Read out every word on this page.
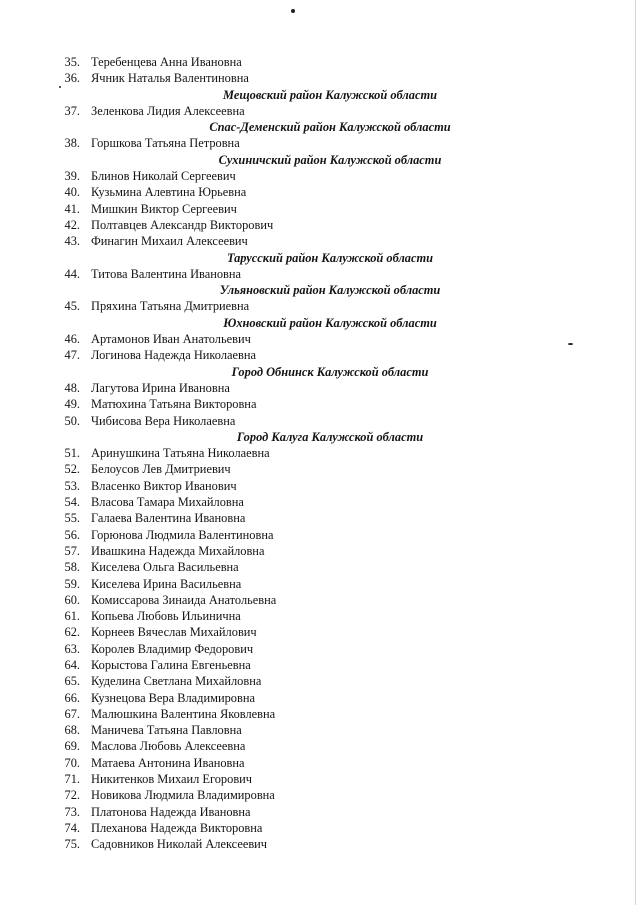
35. Теребенцева Анна Ивановна
36. Ячник Наталья Валентиновна
Мещовский район Калужской области
37. Зеленкова Лидия Алексеевна
Спас-Деменский район Калужской области
38. Горшкова Татьяна Петровна
Сухиничский район Калужской области
39. Блинов Николай Сергеевич
40. Кузьмина Алевтина Юрьевна
41. Мишкин Виктор Сергеевич
42. Полтавцев Александр Викторович
43. Финагин Михаил Алексеевич
Тарусский район Калужской области
44. Титова Валентина Ивановна
Ульяновский район Калужской области
45. Пряхина Татьяна Дмитриевна
Юхновский район Калужской области
46. Артамонов Иван Анатольевич
47. Логинова Надежда Николаевна
Город Обнинск Калужской области
48. Лагутова Ирина Ивановна
49. Матюхина Татьяна Викторовна
50. Чибисова Вера Николаевна
Город Калуга Калужской области
51. Аринушкина Татьяна Николаевна
52. Белоусов Лев Дмитриевич
53. Власенко Виктор Иванович
54. Власова Тамара Михайловна
55. Галаева Валентина Ивановна
56. Горюнова Людмила Валентиновна
57. Ивашкина Надежда Михайловна
58. Киселева Ольга Васильевна
59. Киселева Ирина Васильевна
60. Комиссарова Зинаида Анатольевна
61. Копьева Любовь Ильинична
62. Корнеев Вячеслав Михайлович
63. Королев Владимир Федорович
64. Корыстова Галина Евгеньевна
65. Куделина Светлана Михайловна
66. Кузнецова Вера Владимировна
67. Малюшкина Валентина Яковлевна
68. Маничева Татьяна Павловна
69. Маслова Любовь Алексеевна
70. Матаева Антонина Ивановна
71. Никитенков Михаил Егорович
72. Новикова Людмила Владимировна
73. Платонова Надежда Ивановна
74. Плеханова Надежда Викторовна
75. Садовников Николай Алексеевич
